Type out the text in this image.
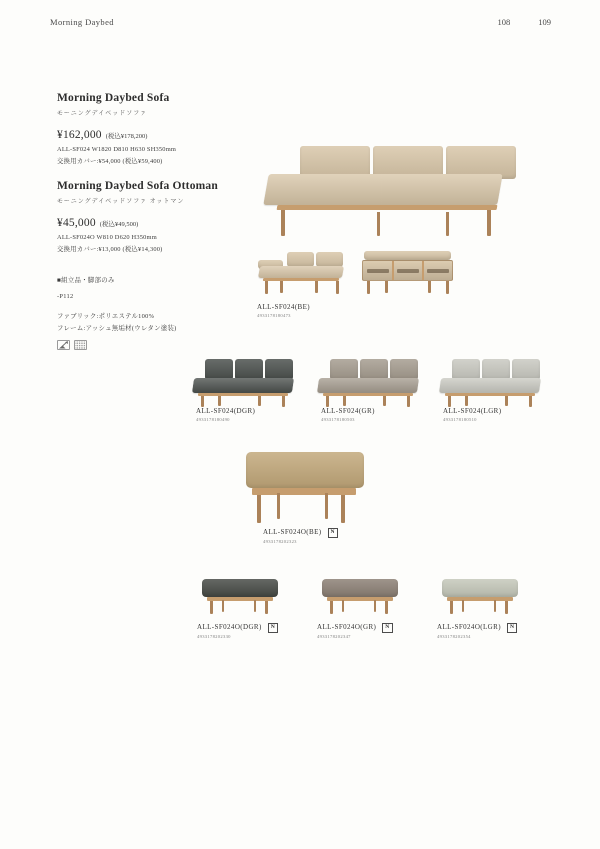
Morning Daybed	108	109
Morning Daybed Sofa
モーニングデイベッドソファ
¥162,000 (税込¥178,200)
ALL-SF024 W1820 D810 H630 SH350mm
交換用カバー:¥54,000 (税込¥59,400)
Morning Daybed Sofa Ottoman
モーニングデイベッドソファ オットマン
¥45,000 (税込¥49,500)
ALL-SF024O W810 D620 H350mm
交換用カバー:¥13,000 (税込¥14,300)
■組立品・脚部のみ
-P112
ファブリック:ポリエステル100%
フレーム:アッシュ無垢材(ウレタン塗装)
ALL-SF024(BE)
4933178180473
ALL-SF024(DGR)
4933178180490
ALL-SF024(GR)
4933178180503
ALL-SF024(LGR)
4933178180510
ALL-SF024O(BE) N
4933178202323
ALL-SF024O(DGR) N
4933178202330
ALL-SF024O(GR) N
4933178202347
ALL-SF024O(LGR) N
4933178202354
